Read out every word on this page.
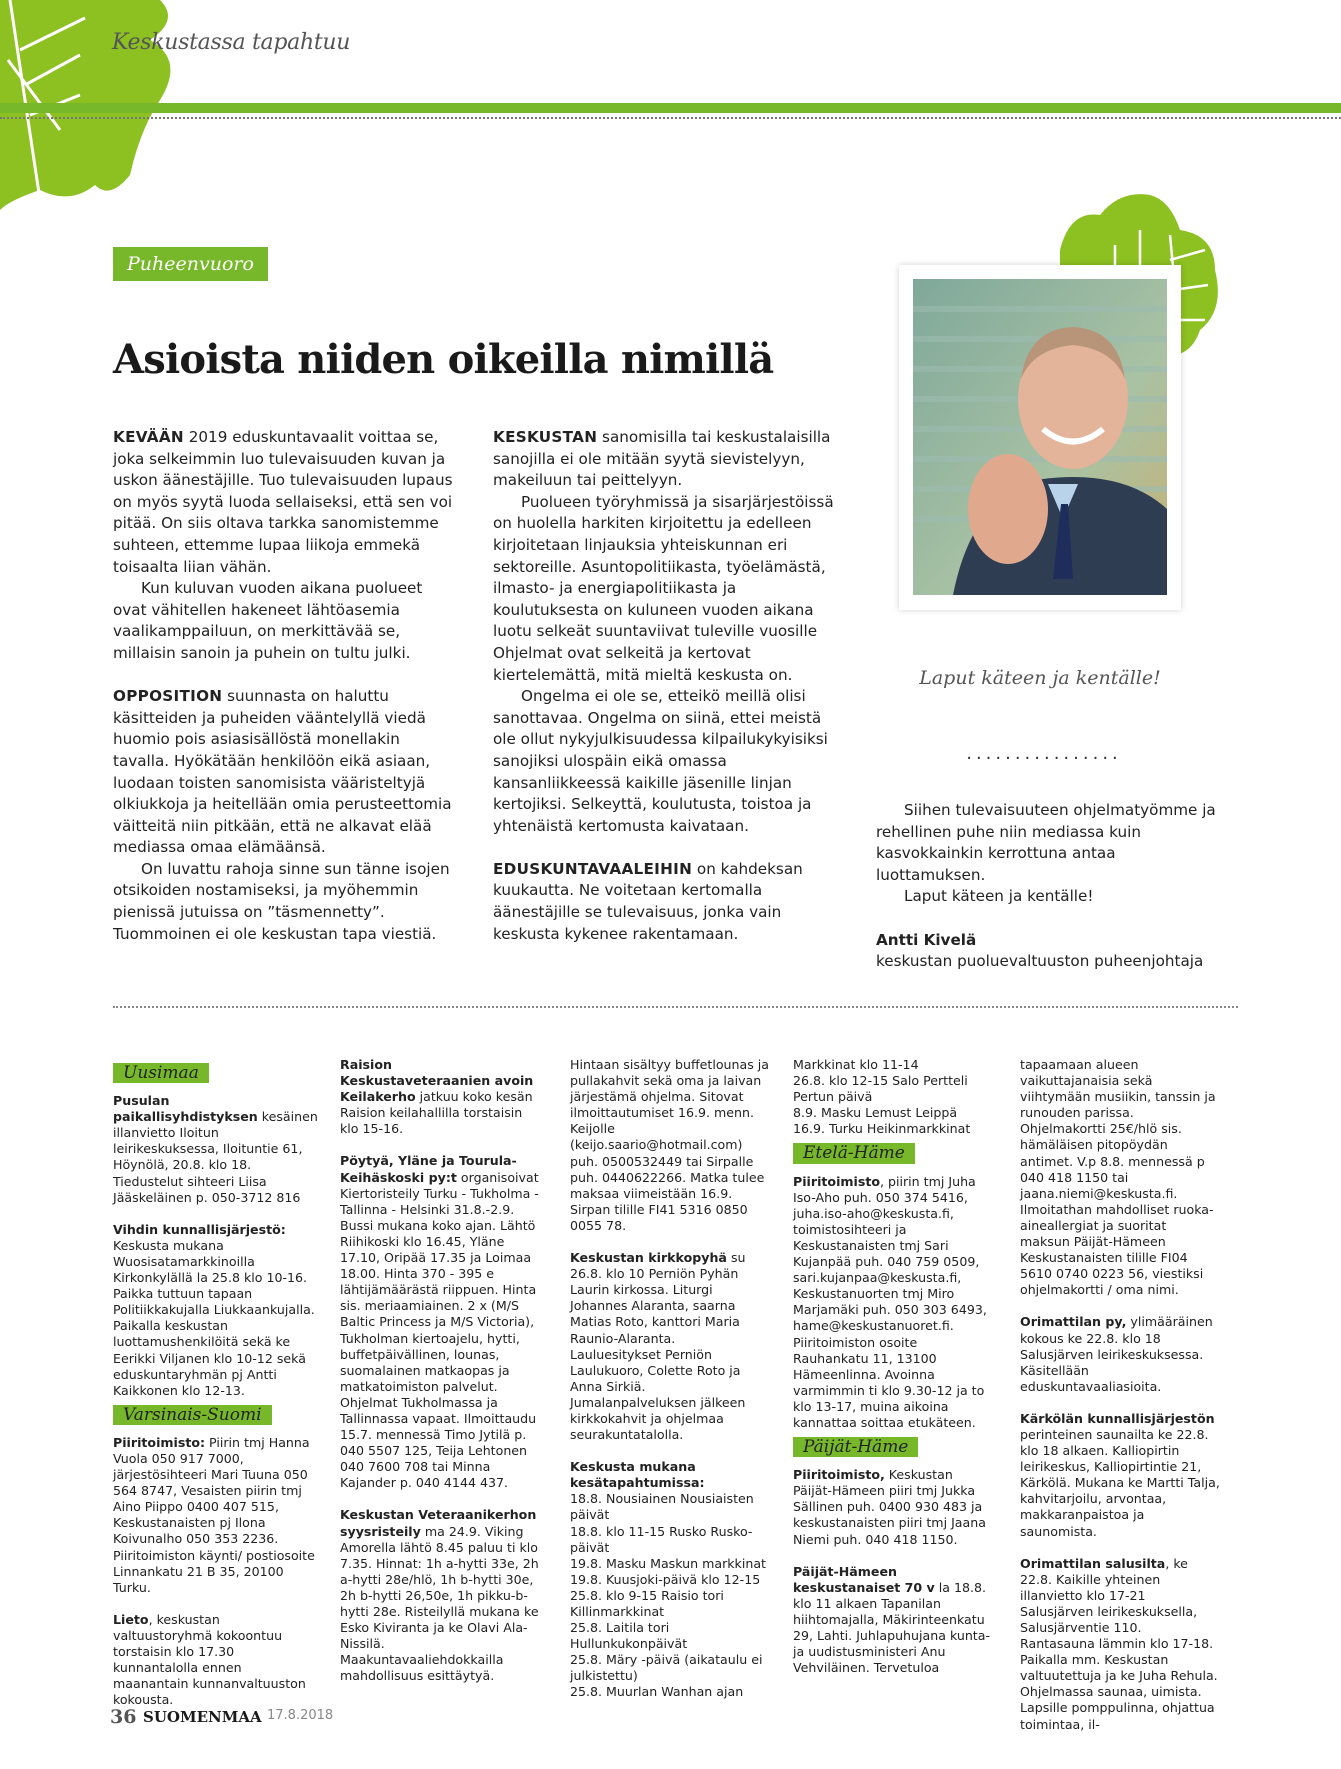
Keskustassa tapahtuu
Puheenvuoro
Asioista niiden oikeilla nimillä

KEVÄÄN 2019 eduskuntavaalit voittaa se, joka selkeimmin luo tulevaisuuden kuvan ja uskon äänestäjille. Tuo tulevaisuuden lupaus on myös syytä luoda sellaiseksi, että sen voi pitää. On siis oltava tarkka sanomistemme suhteen, ettemme lupaa liikoja emmekä toisaalta liian vähän.

Kun kuluvan vuoden aikana puolueet ovat vähitellen hakeneet lähtöasemia vaalikamppailuun, on merkittävää se, millaisin sanoin ja puhein on tultu julki.

OPPOSITION suunnasta on haluttu käsitteiden ja puheiden vääntelyllä viedä huomio pois asiasisällöstä monellakin tavalla. Hyökätään henkilöön eikä asiaan, luodaan toisten sanomisista vääristeltyjä olkiukkoja ja heitellään omia perusteettomia väitteitä niin pitkään, että ne alkavat elää mediassa omaa elämäänsä.

On luvattu rahoja sinne sun tänne isojen otsikoiden nostamiseksi, ja myöhemmin pienissä jutuissa on ”täsmennetty”. Tuommoinen ei ole keskustan tapa viestiä.

KESKUSTAN sanomisilla tai keskustalaisilla sanojilla ei ole mitään syytä sievistelyyn, makeiluun tai peittelyyn.

Puolueen työryhmissä ja sisarjärjestöissä on huolella harkiten kirjoitettu ja edelleen kirjoitetaan linjauksia yhteiskunnan eri sektoreille. Asuntopolitiikasta, työelämästä, ilmasto- ja energiapolitiikasta ja koulutuksesta on kuluneen vuoden aikana luotu selkeät suuntaviivat tuleville vuosille Ohjelmat ovat selkeitä ja kertovat kiertelemättä, mitä mieltä keskusta on.

Ongelma ei ole se, etteikö meillä olisi sanottavaa. Ongelma on siinä, ettei meistä ole ollut nykyjulkisuudessa kilpailukykyisiksi sanojiksi ulospäin eikä omassa kansanliikkeessä kaikille jäsenille linjan kertojiksi. Selkeyttä, koulutusta, toistoa ja yhtenäistä kertomusta kaivataan.

EDUSKUNTAVAALEIHIN on kahdeksan kuukautta. Ne voitetaan kertomalla äänestäjille se tulevaisuus, jonka vain keskusta kykenee rakentamaan.

Laput käteen ja kentälle!
················

Siihen tulevaisuuteen ohjelmatyömme ja rehellinen puhe niin mediassa kuin kasvokkainkin kerrottuna antaa luottamuksen.

Laput käteen ja kentälle!

Antti Kivelä

keskustan puoluevaltuuston puheenjohtaja

Uusimaa

Pusulan paikallisyhdistyksen kesäinen illanvietto Iloitun leirikeskuksessa, Iloituntie 61, Höynölä, 20.8. klo 18. Tiedustelut sihteeri Liisa Jääskeläinen p. 050-3712 816

Vihdin kunnallisjärjestö: Keskusta mukana Wuosisatamarkkinoilla Kirkonkylällä la 25.8 klo 10-16. Paikka tuttuun tapaan Politiikkakujalla Liukkaankujalla. Paikalla keskustan luottamushenkilöitä sekä ke Eerikki Viljanen klo 10-12 sekä eduskuntaryhmän pj Antti Kaikkonen klo 12-13.

Varsinais-Suomi

Piiritoimisto: Piirin tmj Hanna Vuola 050 917 7000, järjestösihteeri Mari Tuuna 050 564 8747, Vesaisten piirin tmj Aino Piippo 0400 407 515, Keskustanaisten pj Ilona Koivunalho 050 353 2236. Piiritoimiston käynti/ postiosoite Linnankatu 21 B 35, 20100 Turku.

Lieto, keskustan valtuustoryhmä kokoontuu torstaisin klo 17.30 kunnantalolla ennen maanantain kunnanvaltuuston kokousta.

Raision Keskustaveteraanien avoin Keilakerho jatkuu koko kesän Raision keilahallilla torstaisin klo 15-16.

Pöytyä, Yläne ja Tourula-Keihäskoski py:t organisoivat Kiertoristeily Turku - Tukholma - Tallinna - Helsinki 31.8.-2.9. Bussi mukana koko ajan. Lähtö Riihikoski klo 16.45, Yläne 17.10, Oripää 17.35 ja Loimaa 18.00. Hinta 370 - 395 e lähtijämäärästä riippuen. Hinta sis. meriaamiainen. 2 x (M/S Baltic Princess ja M/S Victoria), Tukholman kiertoajelu, hytti, buffetpäivällinen, lounas, suomalainen matkaopas ja matkatoimiston palvelut. Ohjelmat Tukholmassa ja Tallinnassa vapaat. Ilmoittaudu 15.7. mennessä Timo Jytilä p. 040 5507 125, Teija Lehtonen 040 7600 708 tai Minna Kajander p. 040 4144 437.

Keskustan Veteraanikerhon syysristeily ma 24.9. Viking Amorella lähtö 8.45 paluu ti klo 7.35. Hinnat: 1h a-hytti 33e, 2h a-hytti 28e/hlö, 1h b-hytti 30e, 2h b-hytti 26,50e, 1h pikku-b-hytti 28e. Risteilyllä mukana ke Esko Kiviranta ja ke Olavi Ala-Nissilä. Maakuntavaaliehdokkailla mahdollisuus esittäytyä.

Hintaan sisältyy buffetlounas ja pullakahvit sekä oma ja laivan järjestämä ohjelma. Sitovat ilmoittautumiset 16.9. menn. Keijolle (keijo.saario@hotmail.com) puh. 0500532449 tai Sirpalle puh. 0440622266. Matka tulee maksaa viimeistään 16.9. Sirpan tilille FI41 5316 0850 0055 78.

Keskustan kirkkopyhä su 26.8. klo 10 Perniön Pyhän Laurin kirkossa. Liturgi Johannes Alaranta, saarna Matias Roto, kanttori Maria Raunio-Alaranta. Lauluesitykset Perniön Laulukuoro, Colette Roto ja Anna Sirkiä. Jumalanpalveluksen jälkeen kirkkokahvit ja ohjelmaa seurakuntatalolla.

Keskusta mukana kesätapahtumissa:
18.8. Nousiainen Nousiaisten päivät
18.8. klo 11-15 Rusko Rusko-päivät
19.8. Masku Maskun markkinat
19.8. Kuusjoki-päivä klo 12-15
25.8. klo 9-15 Raisio tori Killinmarkkinat
25.8. Laitila tori Hullunkukonpäivät
25.8. Märy -päivä (aikataulu ei julkistettu)
25.8. Muurlan Wanhan ajan

Markkinat klo 11-14
26.8. klo 12-15 Salo Pertteli Pertun päivä
8.9. Masku Lemust Leippä
16.9. Turku Heikinmarkkinat

Etelä-Häme

Piiritoimisto, piirin tmj Juha Iso-Aho puh. 050 374 5416, juha.iso-aho@keskusta.fi, toimistosihteeri ja Keskustanaisten tmj Sari Kujanpää puh. 040 759 0509, sari.kujanpaa@keskusta.fi, Keskustanuorten tmj Miro Marjamäki puh. 050 303 6493, hame@keskustanuoret.fi. Piiritoimiston osoite Rauhankatu 11, 13100 Hämeenlinna. Avoinna varmimmin ti klo 9.30-12 ja to klo 13-17, muina aikoina kannattaa soittaa etukäteen.

Päijät-Häme

Piiritoimisto, Keskustan Päijät-Hämeen piiri tmj Jukka Sällinen puh. 0400 930 483 ja keskustanaisten piiri tmj Jaana Niemi puh. 040 418 1150.

Päijät-Hämeen keskustanaiset 70 v la 18.8. klo 11 alkaen Tapanilan hiihtomajalla, Mäkirinteenkatu 29, Lahti. Juhlapuhujana kunta- ja uudistusministeri Anu Vehviläinen. Tervetuloa

tapaamaan alueen vaikuttajanaisia sekä viihtymään musiikin, tanssin ja runouden parissa. Ohjelmakortti 25€/hlö sis. hämäläisen pitopöydän antimet. V.p 8.8. mennessä p 040 418 1150 tai jaana.niemi@keskusta.fi. Ilmoitathan mahdolliset ruoka-aineallergiat ja suoritat maksun Päijät-Hämeen Keskustanaisten tilille FI04 5610 0740 0223 56, viestiksi ohjelmakortti / oma nimi.

Orimattilan py, ylimääräinen kokous ke 22.8. klo 18 Salusjärven leirikeskuksessa. Käsitellään eduskuntavaaliasioita.

Kärkölän kunnallisjärjestön perinteinen saunailta ke 22.8. klo 18 alkaen. Kalliopirtin leirikeskus, Kalliopirtintie 21, Kärkölä. Mukana ke Martti Talja, kahvitarjoilu, arvontaa, makkaranpaistoa ja saunomista.

Orimattilan salusilta, ke 22.8. Kaikille yhteinen illanvietto klo 17-21 Salusjärven leirikeskuksella, Salusjärventie 110. Rantasauna lämmin klo 17-18. Paikalla mm. Keskustan valtuutettuja ja ke Juha Rehula. Ohjelmassa saunaa, uimista. Lapsille pomppulinna, ohjattua toimintaa, il-

36 SUOMENMAA 17.8.2018
